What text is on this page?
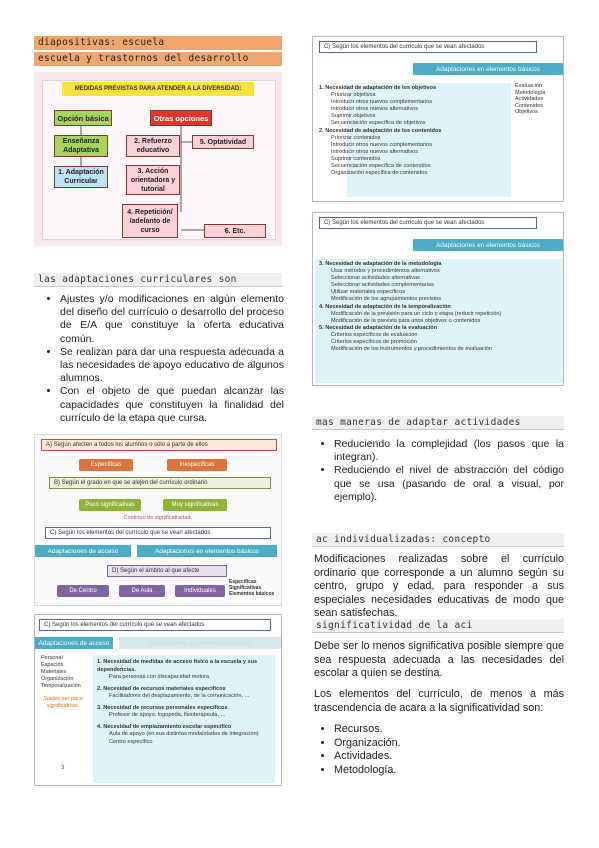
diapositivas: escuela
escuela y trastornos del desarrollo
MEDIDAS PREVISTAS PARA ATENDER A LA DIVERSIDAD:
Opción básica	Otras opciones
Enseñanza Adaptativa
1. Adaptación Curricular
2. Refuerzo educativo
3. Acción orientadora y tutorial
4. Repetición/ /adelanto de curso
5. Optatividad
6. Etc.
las adaptaciones curriculares son
• Ajustes y/o modificaciones en algún elemento del diseño del currículo o desarrollo del proceso de E/A que constituye la oferta educativa común.
• Se realizan para dar una respuesta adecuada a las necesidades de apoyo educativo de algunos alumnos.
• Con el objeto de que puedan alcanzar las capacidades que constituyen la finalidad del currículo de la etapa que cursa.
A) Según afecten a todos los alumnos o sólo a parte de ellos
Específicas	Inespecíficas
B) Según el grado en que se alejen del currículo ordinario
Poco significativas	Muy significativas
Continuo de significatividad
C) Según los elementos del currículo que se vean afectados
Adaptaciones de acceso	Adaptaciones en elementos básicos
D) Según el ámbito al que afecte
De Centro	De Aula	Individuales
Específicas
Significativas
Elementos básicos
C) Según los elementos del currículo que se vean afectados
Adaptaciones de acceso	Adaptaciones en elementos básicos
Personal
Espacios
Materiales
Organización
Temporalización
Suelen ser poco significativas.
1. Necesidad de medidas de acceso físico a la escuela y sus dependencias.
Para personas con discapacidad motora.
2. Necesidad de recursos materiales específicos
Facilitadores del desplazamiento, de la comunicación, ...
3. Necesidad de recursos personales específicos
Profesor de apoyo, logopeda, fisioterapeuta, ...
4. Necesidad de emplazamiento escolar específico
Aula de apoyo (en sus distintas modalidades de integración)
Centro específico
3
C) Según los elementos del currículo que se vean afectados
Adaptaciones en elementos básicos
Evaluación
Metodología
Actividades
Contenidos
Objetivos
1. Necesidad de adaptación de los objetivos
Priorizar objetivos
Introducir otros nuevos complementarios
Introducir otros nuevos alternativos
Suprimir objetivos
Secuenciación específica de objetivos
2. Necesidad de adaptación de los contenidos
Priorizar contenidos
Introducir otros nuevos complementarios
Introducir otros nuevos alternativos
Suprimir contenidos
Secuenciación específica de contenidos
Organización específica de contenidos
C) Según los elementos del currículo que se vean afectados
Adaptaciones en elementos básicos
3. Necesidad de adaptación de la metodología
Usar métodos y procedimientos alternativos
Seleccionar actividades alternativas
Seleccionar actividades complementarias
Utilizar materiales específicos
Modificación de los agrupamientos previstos
4. Necesidad de adaptación de la temporalización
Modificación de la previsión para un ciclo o etapa (reducir repetición)
Modificación de la prevista para unos objetivos o contenidos
5. Necesidad de adaptación de la evaluación
Criterios específicos de evaluación
Criterios específicos de promoción
Modificación de los instrumentos y procedimientos de evaluación
mas maneras de adaptar actividades
• Reduciendo la complejidad (los pasos que la integran).
• Reduciendo el nivel de abstracción del código que se usa (pasando de oral a visual, por ejemplo).
ac individualizadas: concepto
Modificaciones realizadas sobre el currículo ordinario que corresponde a un alumno según su centro, grupo y edad, para responder a sus especiales necesidades educativas de modo que sean satisfechas.
significatividad de la aci
Debe ser lo menos significativa posible siempre que sea respuesta adecuada a las necesidades del escolar a quien se destina.
Los elementos del currículo, de menos a más trascendencia de acara a la significatividad son:
• Recursos.
• Organización.
• Actividades.
• Metodología.
